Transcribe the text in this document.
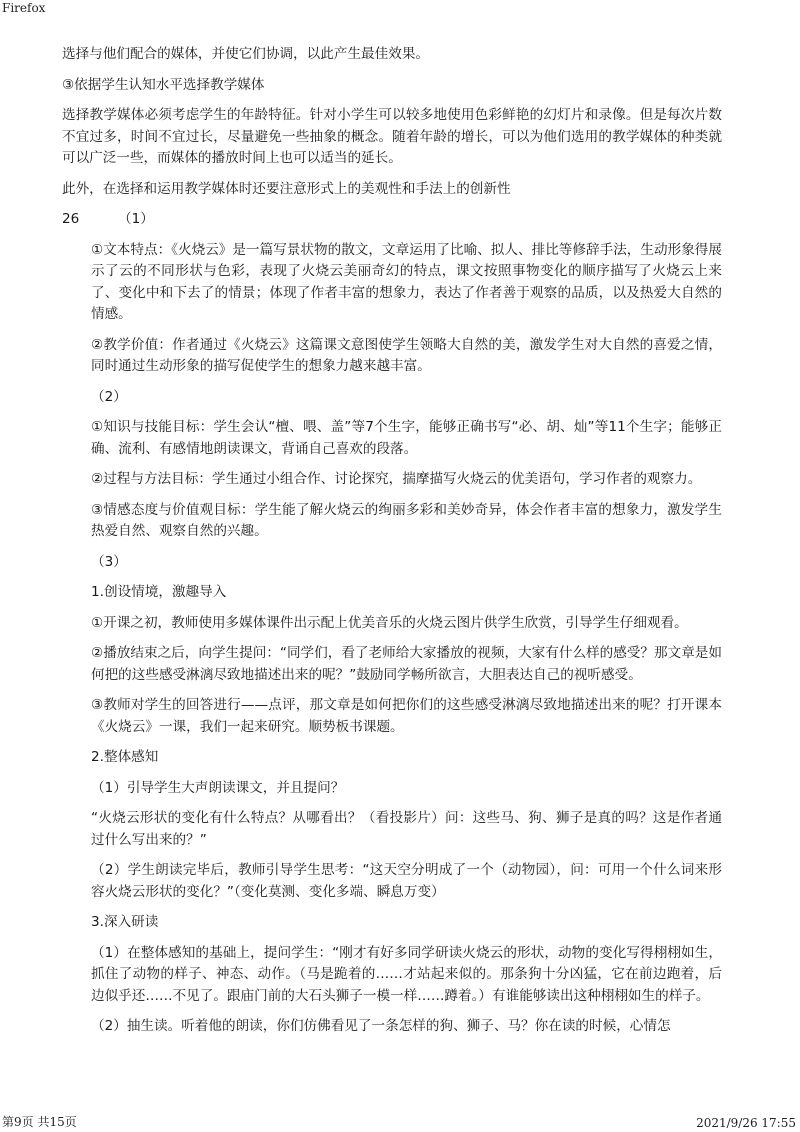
Firefox

选择与他们配合的媒体，并使它们协调，以此产生最佳效果。

③依据学生认知水平选择教学媒体

选择教学媒体必须考虑学生的年龄特征。针对小学生可以较多地使用色彩鲜艳的幻灯片和录像。但是每次片数不宜过多，时间不宜过长，尽量避免一些抽象的概念。随着年龄的增长，可以为他们选用的教学媒体的种类就可以广泛一些，而媒体的播放时间上也可以适当的延长。

此外，在选择和运用教学媒体时还要注意形式上的美观性和手法上的创新性

26	（1）

①文本特点：《火烧云》是一篇写景状物的散文，文章运用了比喻、拟人、排比等修辞手法，生动形象得展示了云的不同形状与色彩，表现了火烧云美丽奇幻的特点，课文按照事物变化的顺序描写了火烧云上来了、变化中和下去了的情景；体现了作者丰富的想象力，表达了作者善于观察的品质，以及热爱大自然的情感。

②教学价值：作者通过《火烧云》这篇课文意图使学生领略大自然的美，激发学生对大自然的喜爱之情，同时通过生动形象的描写促使学生的想象力越来越丰富。

（2）

①知识与技能目标：学生会认“檀、喂、盖”等7个生字，能够正确书写“必、胡、灿”等11个生字；能够正确、流利、有感情地朗读课文，背诵自己喜欢的段落。

②过程与方法目标：学生通过小组合作、讨论探究，揣摩描写火烧云的优美语句，学习作者的观察力。

③情感态度与价值观目标：学生能了解火烧云的绚丽多彩和美妙奇异，体会作者丰富的想象力，激发学生热爱自然、观察自然的兴趣。

（3）

1.创设情境，激趣导入

①开课之初，教师使用多媒体课件出示配上优美音乐的火烧云图片供学生欣赏，引导学生仔细观看。

②播放结束之后，向学生提问：“同学们，看了老师给大家播放的视频，大家有什么样的感受？那文章是如何把的这些感受淋漓尽致地描述出来的呢？”鼓励同学畅所欲言，大胆表达自己的视听感受。

③教师对学生的回答进行——点评，那文章是如何把你们的这些感受淋漓尽致地描述出来的呢？打开课本《火烧云》一课，我们一起来研究。顺势板书课题。

2.整体感知

（1）引导学生大声朗读课文，并且提问？

“火烧云形状的变化有什么特点？从哪看出？（看投影片）问：这些马、狗、狮子是真的吗？这是作者通过什么写出来的？”

（2）学生朗读完毕后，教师引导学生思考：“这天空分明成了一个（动物园），问：可用一个什么词来形容火烧云形状的变化？”（变化莫测、变化多端、瞬息万变）

3.深入研读

（1）在整体感知的基础上，提问学生：“刚才有好多同学研读火烧云的形状，动物的变化写得栩栩如生，抓住了动物的样子、神态、动作。（马是跪着的……才站起来似的。那条狗十分凶猛，它在前边跑着，后边似乎还……不见了。跟庙门前的大石头狮子一模一样……蹲着。）有谁能够读出这种栩栩如生的样子。

（2）抽生读。听着他的朗读，你们仿佛看见了一条怎样的狗、狮子、马？你在读的时候，心情怎

第9页 共15页	2021/9/26 17:55
